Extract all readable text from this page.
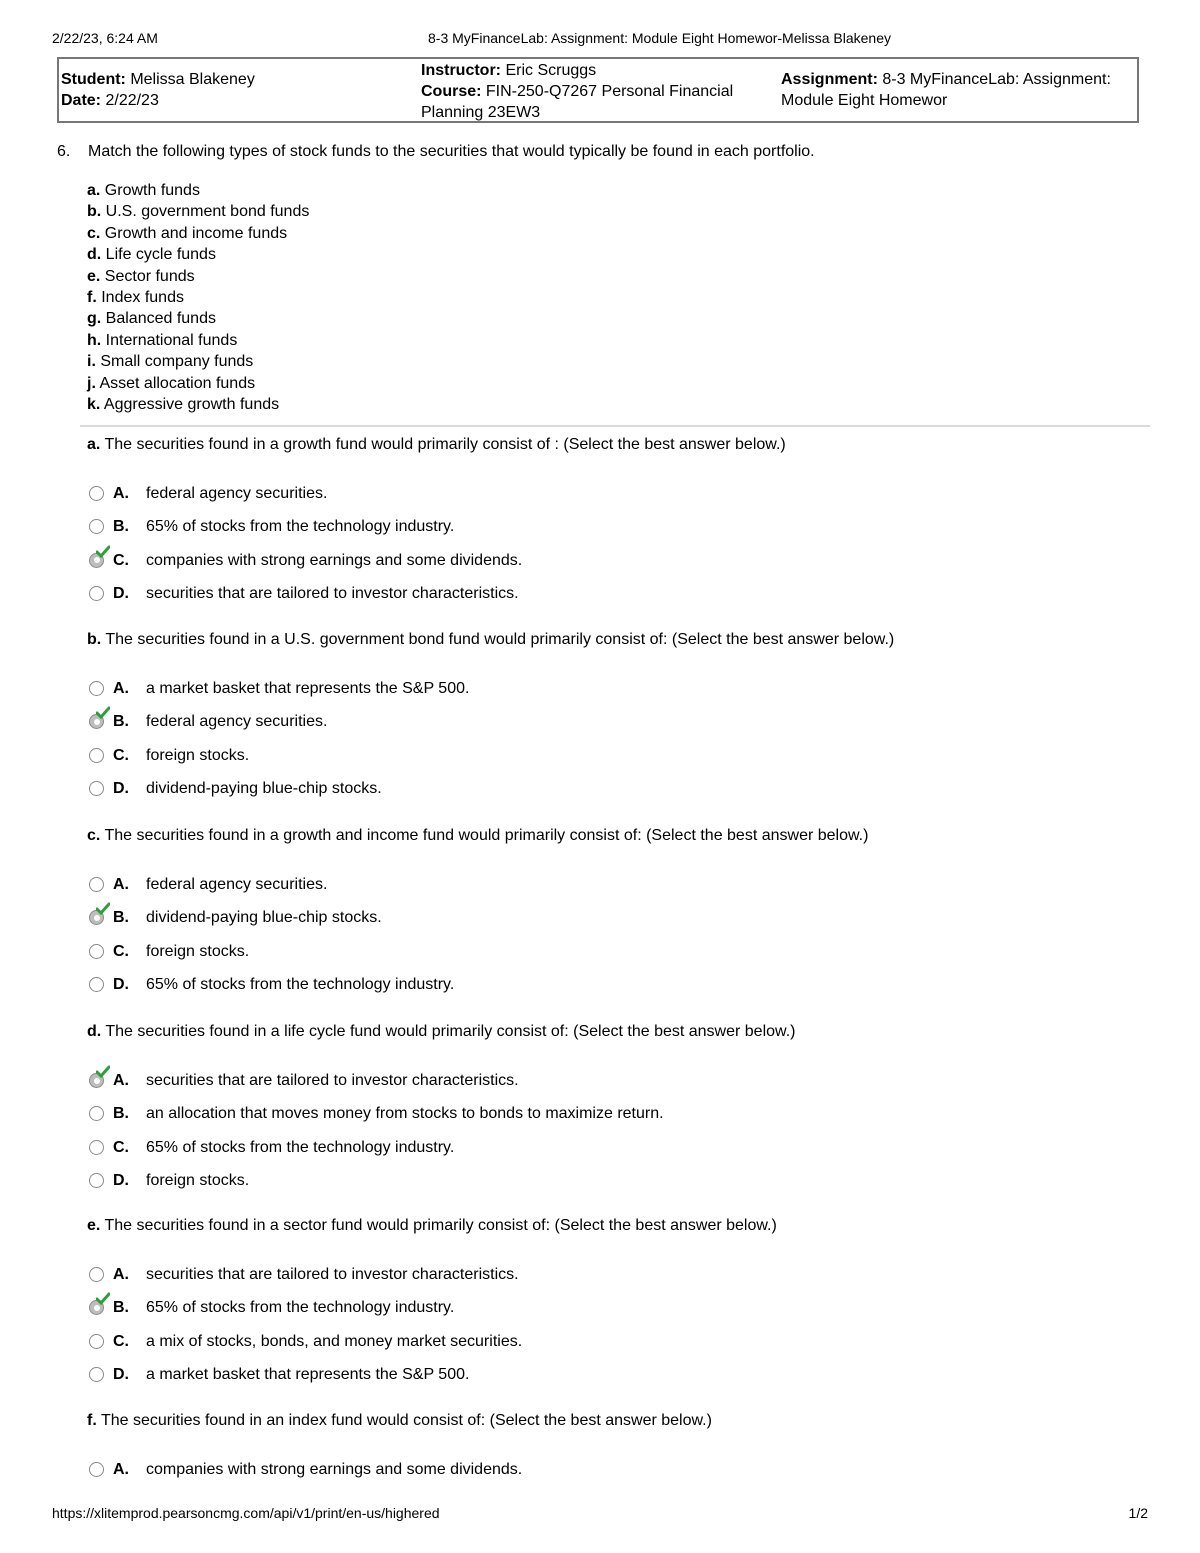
2/22/23, 6:24 AM	8-3 MyFinanceLab: Assignment: Module Eight Homewor-Melissa Blakeney
Student: Melissa Blakeney
Date: 2/22/23
Instructor: Eric Scruggs
Course: FIN-250-Q7267 Personal Financial
Planning 23EW3
Assignment: 8-3 MyFinanceLab: Assignment:
Module Eight Homewor
6. Match the following types of stock funds to the securities that would typically be found in each portfolio.
a. Growth funds
b. U.S. government bond funds
c. Growth and income funds
d. Life cycle funds
e. Sector funds
f. Index funds
g. Balanced funds
h. International funds
i. Small company funds
j. Asset allocation funds
k. Aggressive growth funds
a. The securities found in a growth fund would primarily consist of : (Select the best answer below.)
A. federal agency securities.
B. 65% of stocks from the technology industry.
C. companies with strong earnings and some dividends.
D. securities that are tailored to investor characteristics.
b. The securities found in a U.S. government bond fund would primarily consist of: (Select the best answer below.)
A. a market basket that represents the S&P 500.
B. federal agency securities.
C. foreign stocks.
D. dividend-paying blue-chip stocks.
c. The securities found in a growth and income fund would primarily consist of: (Select the best answer below.)
A. federal agency securities.
B. dividend-paying blue-chip stocks.
C. foreign stocks.
D. 65% of stocks from the technology industry.
d. The securities found in a life cycle fund would primarily consist of: (Select the best answer below.)
A. securities that are tailored to investor characteristics.
B. an allocation that moves money from stocks to bonds to maximize return.
C. 65% of stocks from the technology industry.
D. foreign stocks.
e. The securities found in a sector fund would primarily consist of: (Select the best answer below.)
A. securities that are tailored to investor characteristics.
B. 65% of stocks from the technology industry.
C. a mix of stocks, bonds, and money market securities.
D. a market basket that represents the S&P 500.
f. The securities found in an index fund would consist of: (Select the best answer below.)
A. companies with strong earnings and some dividends.
https://xlitemprod.pearsoncmg.com/api/v1/print/en-us/highered	1/2
